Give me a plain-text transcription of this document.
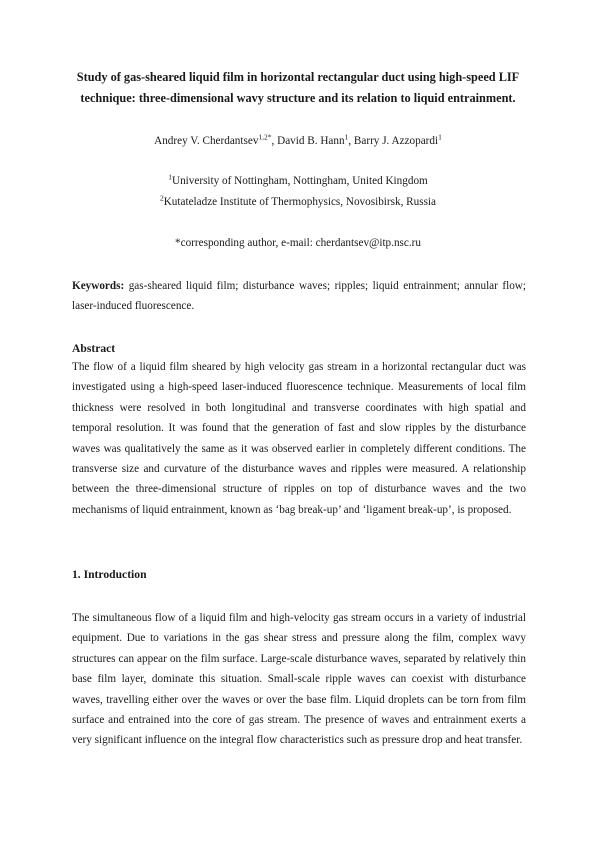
Study of gas-sheared liquid film in horizontal rectangular duct using high-speed LIF technique: three-dimensional wavy structure and its relation to liquid entrainment.
Andrey V. Cherdantsev$^{1,2*}$, David B. Hann$^1$, Barry J. Azzopardi$^1$
$^1$University of Nottingham, Nottingham, United Kingdom
$^2$Kutateladze Institute of Thermophysics, Novosibirsk, Russia
*corresponding author, e-mail: cherdantsev@itp.nsc.ru
Keywords: gas-sheared liquid film; disturbance waves; ripples; liquid entrainment; annular flow; laser-induced fluorescence.
Abstract
The flow of a liquid film sheared by high velocity gas stream in a horizontal rectangular duct was investigated using a high-speed laser-induced fluorescence technique. Measurements of local film thickness were resolved in both longitudinal and transverse coordinates with high spatial and temporal resolution. It was found that the generation of fast and slow ripples by the disturbance waves was qualitatively the same as it was observed earlier in completely different conditions. The transverse size and curvature of the disturbance waves and ripples were measured. A relationship between the three-dimensional structure of ripples on top of disturbance waves and the two mechanisms of liquid entrainment, known as ‘bag break-up’ and ‘ligament break-up’, is proposed.
1. Introduction
The simultaneous flow of a liquid film and high-velocity gas stream occurs in a variety of industrial equipment. Due to variations in the gas shear stress and pressure along the film, complex wavy structures can appear on the film surface. Large-scale disturbance waves, separated by relatively thin base film layer, dominate this situation. Small-scale ripple waves can coexist with disturbance waves, travelling either over the waves or over the base film. Liquid droplets can be torn from film surface and entrained into the core of gas stream. The presence of waves and entrainment exerts a very significant influence on the integral flow characteristics such as pressure drop and heat transfer.
